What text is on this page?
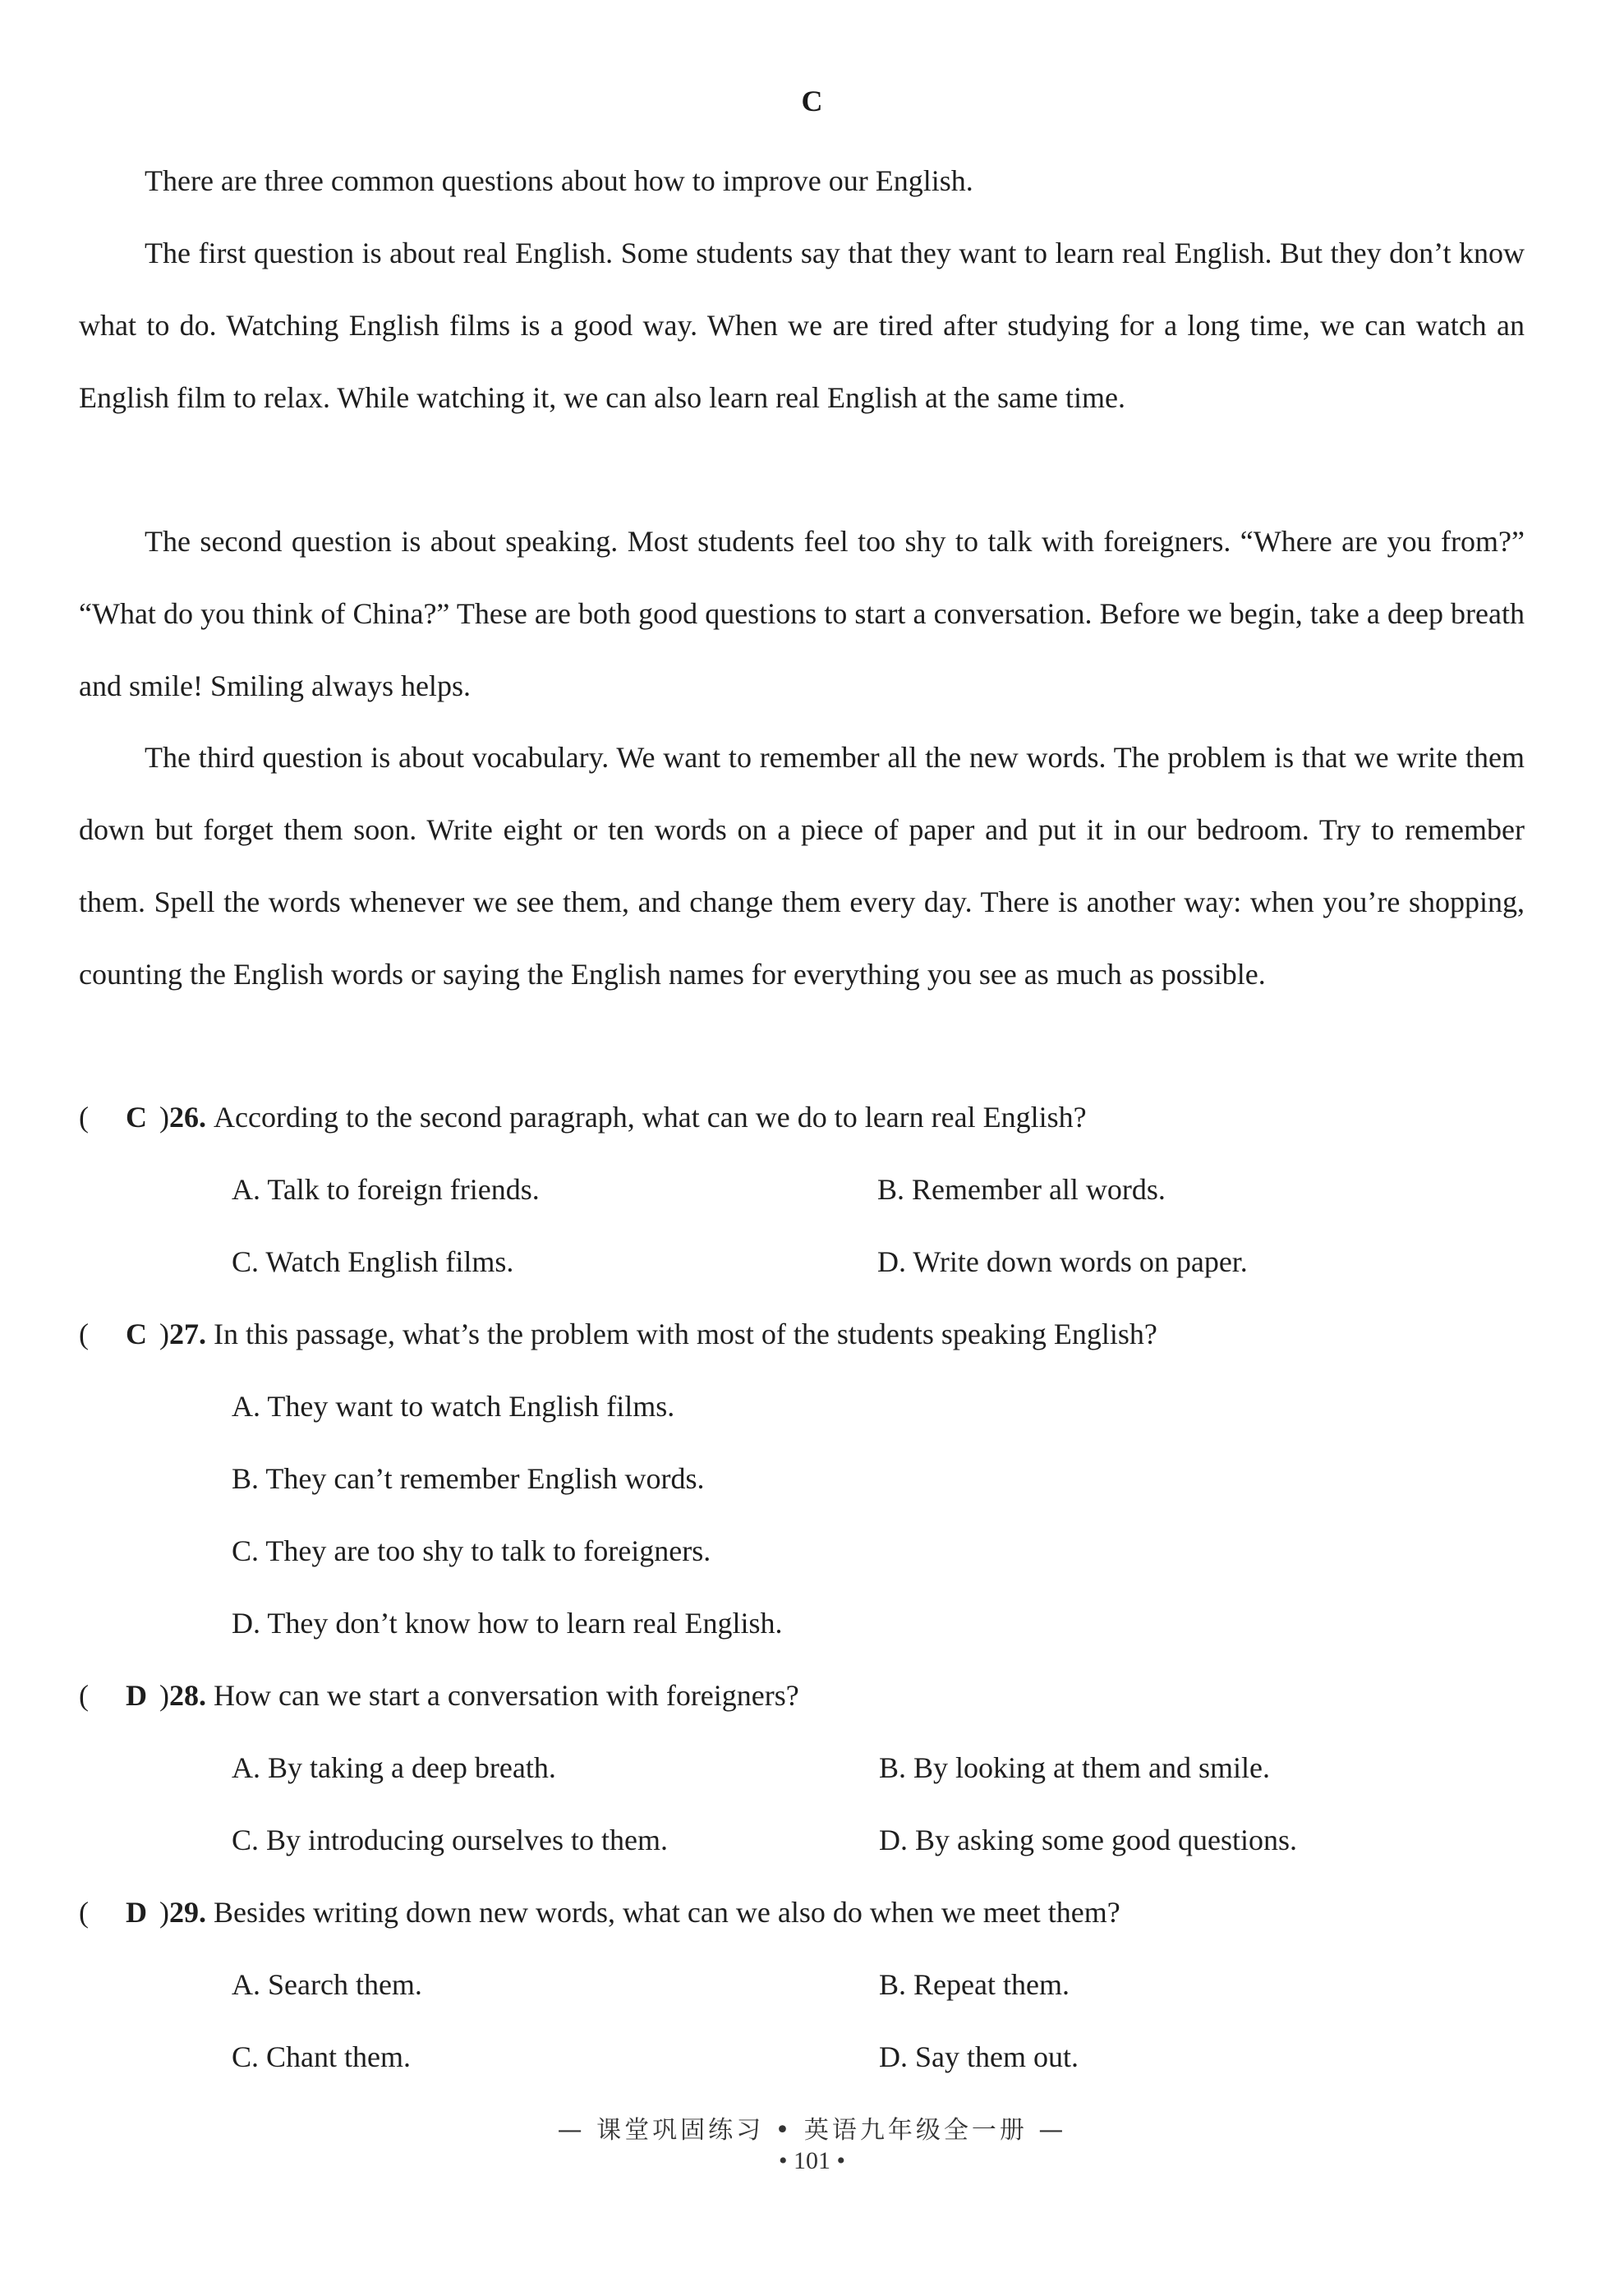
C

There are three common questions about how to improve our English.

The first question is about real English. Some students say that they want to learn real English. But they don’t know what to do. Watching English films is a good way. When we are tired after studying for a long time, we can watch an English film to relax. While watching it, we can also learn real English at the same time.

The second question is about speaking. Most students feel too shy to talk with foreigners. “Where are you from?” “What do you think of China?” These are both good questions to start a conversation. Before we begin, take a deep breath and smile! Smiling always helps.

The third question is about vocabulary. We want to remember all the new words. The problem is that we write them down but forget them soon. Write eight or ten words on a piece of paper and put it in our bedroom. Try to remember them. Spell the words whenever we see them, and change them every day. There is another way: when you’re shopping, counting the English words or saying the English names for everything you see as much as possible.

( C )26. According to the second paragraph, what can we do to learn real English?
A. Talk to foreign friends.	B. Remember all words.
C. Watch English films.	D. Write down words on paper.
( C )27. In this passage, what’s the problem with most of the students speaking English?
A. They want to watch English films.
B. They can’t remember English words.
C. They are too shy to talk to foreigners.
D. They don’t know how to learn real English.
( D )28. How can we start a conversation with foreigners?
A. By taking a deep breath.	B. By looking at them and smile.
C. By introducing ourselves to them.	D. By asking some good questions.
( D )29. Besides writing down new words, what can we also do when we meet them?
A. Search them.	B. Repeat them.
C. Chant them.	D. Say them out.
— 课堂巩固练习 • 英语九年级全一册 —
• 101 •
